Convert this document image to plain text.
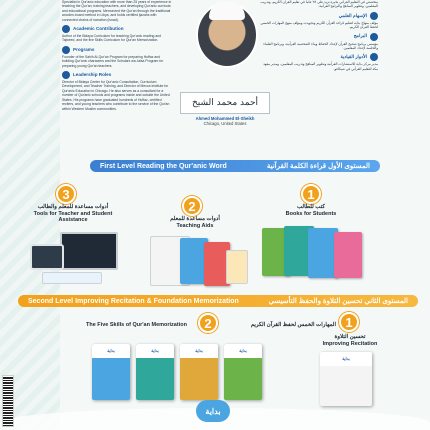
Specialist in Qur'anic education with more than 25 years of experience in teaching the Qur'an, training teachers, and developing Qur'anic curricula and educational programs. Memorized the Qur'an through the traditional wooden-board method in Libya, and holds certified ijazahs with connected chains of narration (isnad).
Academic Contribution
Author of the Bidaya Curriculum for teaching Qur'anic reading and Tajweed, and the five Skills Curriculum for Qur'an Memorization.
Programs
Founder of the Sahih Al-Qur'an Program for preparing Huffaz and building Qur'anic characters and the Scholars wa Jalsa Program for preparing young Qur'an teachers.
Leadership Roles
Director of Bidaya Center for Qur'anic Consultation, Curriculum Development, and Teacher Training, and Director of Mecca Institute for Qur'anic Education in Chicago. He also serves as a consultant for a number of Qur'anic schools and programs inside and outside the United States. His programs have graduated hundreds of Huffaz, certified reciters, and young teachers who contribute to the service of the Qur'an within Western Muslim communities.
أحمد محمد الشيخ
Ahmed Mohammed El-Sheikh
Chicago, United States
متخصص في التعليم القرآني بخبرة تزيد على ٢٥ عاما في تعليم القرآن الكريم، وتدريب المعلمين، وتطوير المناهج والبرامج القرآنية.
الإسهام العلمي
مؤلف منهاج بداية لتعليم قراءة القرآن الكريم وتجويده، ومؤلف منهج المهارات الخمس لحفظ القرآن الكريم.
البرامج
مؤسس برنامج صحيح القرآن لإعداد الحفاظ وبناء الشخصية القرآنية، وبرنامج العلماء والجلسة لإعداد المعلمين.
الأدوار القيادية
مدير مركز بداية للاستشارات القرآنية وتطوير المناهج وتدريب المعلمين، ومدير معهد مكة للتعليم القرآني في شيكاغو.
First Level Reading the Qur'anic Word	المستوى الأول قراءة الكلمة القرآنية
3
أدوات مساعدة للمعلم والطالب
Tools for Teacher and Student Assistance
2
أدوات مساعدة للمعلم
Teaching Aids
1
كتب للطالب
Books for Students
Second Level Improving Recitation & Foundation Memorization	المستوى الثاني تحسين التلاوة والحفظ التأسيسي
2
The Five Skills of Qur'an Memorization	المهارات الخمس لحفظ القرآن الكريم
بداية	بداية	بداية	بداية
1
تحسين التلاوة
Improving Recitation
بداية
بداية
